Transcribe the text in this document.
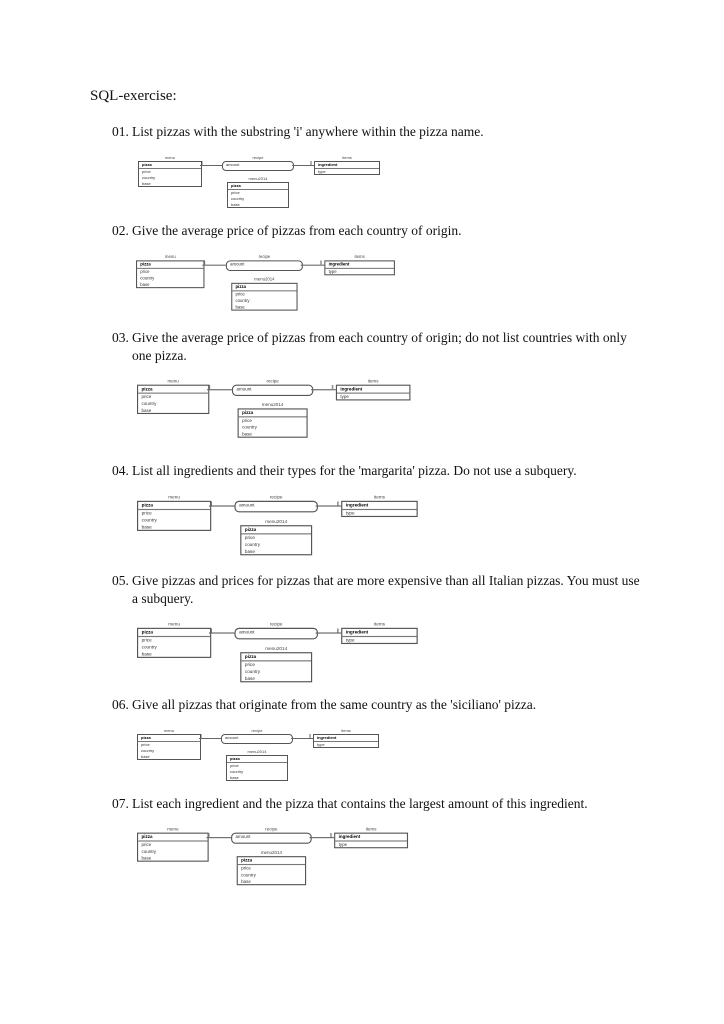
SQL-exercise:
01. List pizzas with the substring 'i' anywhere within the pizza name.
menu
pizza
price
country
base
recipe
amount
items
ingredient
type
menu2014
pizza
price
country
base
‖	‖
02. Give the average price of pizzas from each country of origin.
menu
pizza
price
country
base
recipe
amount
items
ingredient
type
menu2014
pizza
price
country
base
‖	‖
03. Give the average price of pizzas from each country of origin; do not list countries with only one pizza.
menu
pizza
price
country
base
recipe
amount
items
ingredient
type
menu2014
pizza
price
country
base
‖	‖
04. List all ingredients and their types for the 'margarita' pizza. Do not use a subquery.
menu
pizza
price
country
base
recipe
amount
items
ingredient
type
menu2014
pizza
price
country
base
‖	‖
05. Give pizzas and prices for pizzas that are more expensive than all Italian pizzas. You must use a subquery.
menu
pizza
price
country
base
recipe
amount
items
ingredient
type
menu2014
pizza
price
country
base
‖	‖
06. Give all pizzas that originate from the same country as the 'siciliano' pizza.
menu
pizza
price
country
base
recipe
amount
items
ingredient
type
menu2014
pizza
price
country
base
‖	‖
07. List each ingredient and the pizza that contains the largest amount of this ingredient.
menu
pizza
price
country
base
recipe
amount
items
ingredient
type
menu2014
pizza
price
country
base
‖	‖
